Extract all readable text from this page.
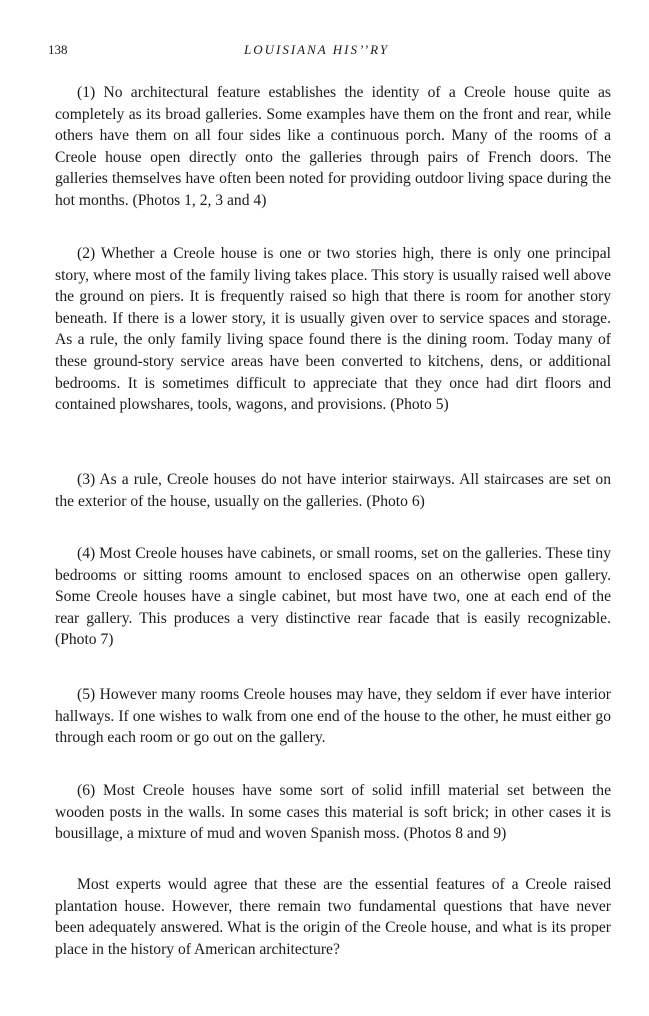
138	LOUISIANA HIS’’RY

(1) No architectural feature establishes the identity of a Creole house quite as completely as its broad galleries. Some examples have them on the front and rear, while others have them on all four sides like a continuous porch. Many of the rooms of a Creole house open directly onto the galleries through pairs of French doors. The galleries themselves have often been noted for providing outdoor living space during the hot months. (Photos 1, 2, 3 and 4)

(2) Whether a Creole house is one or two stories high, there is only one principal story, where most of the family living takes place. This story is usually raised well above the ground on piers. It is frequently raised so high that there is room for another story beneath. If there is a lower story, it is usually given over to service spaces and storage. As a rule, the only family living space found there is the dining room. Today many of these ground-story service areas have been converted to kitchens, dens, or additional bedrooms. It is sometimes difficult to appreciate that they once had dirt floors and contained plowshares, tools, wagons, and provisions. (Photo 5)

(3) As a rule, Creole houses do not have interior stairways. All staircases are set on the exterior of the house, usually on the galleries. (Photo 6)

(4) Most Creole houses have cabinets, or small rooms, set on the galleries. These tiny bedrooms or sitting rooms amount to enclosed spaces on an otherwise open gallery. Some Creole houses have a single cabinet, but most have two, one at each end of the rear gallery. This produces a very distinctive rear facade that is easily recognizable. (Photo 7)

(5) However many rooms Creole houses may have, they seldom if ever have interior hallways. If one wishes to walk from one end of the house to the other, he must either go through each room or go out on the gallery.

(6) Most Creole houses have some sort of solid infill material set between the wooden posts in the walls. In some cases this material is soft brick; in other cases it is bousillage, a mixture of mud and woven Spanish moss. (Photos 8 and 9)

Most experts would agree that these are the essential features of a Creole raised plantation house. However, there remain two fundamental questions that have never been adequately answered. What is the origin of the Creole house, and what is its proper place in the history of American architecture?
